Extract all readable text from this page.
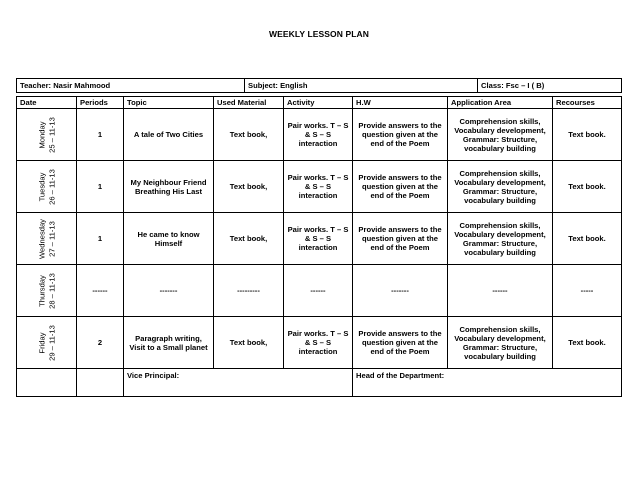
WEEKLY LESSON PLAN
Teacher: Nasir Mahmood	Subject: English	Class: Fsc – I ( B)
Date	Periods	Topic	Used Material	Activity	H.W	Application Area	Recourses

Monday 25 – 11-13	1	A tale of Two Cities	Text book,	Pair works. T – S & S – S interaction	Provide answers to the question given at the end of the Poem	Comprehension skills, Vocabulary development, Grammar: Structure, vocabulary building	Text book.

Tuesday 26 – 11-13	1	My Neighbour Friend Breathing His Last	Text book,	Pair works. T – S & S – S interaction	Provide answers to the question given at the end of the Poem	Comprehension skills, Vocabulary development, Grammar: Structure, vocabulary building	Text book.

Wednesday 27 – 11-13	1	He came to know Himself	Text book,	Pair works. T – S & S – S interaction	Provide answers to the question given at the end of the Poem	Comprehension skills, Vocabulary development, Grammar: Structure, vocabulary building	Text book.

Thursday 28 – 11-13	------	-------	---------	------	-------	------	-----

Friday 29 – 11-13	2	Paragraph writing, Visit to a Small planet	Text book,	Pair works. T – S & S – S interaction	Provide answers to the question given at the end of the Poem	Comprehension skills, Vocabulary development, Grammar: Structure, vocabulary building	Text book.
		Vice Principal:			Head of the Department:		
